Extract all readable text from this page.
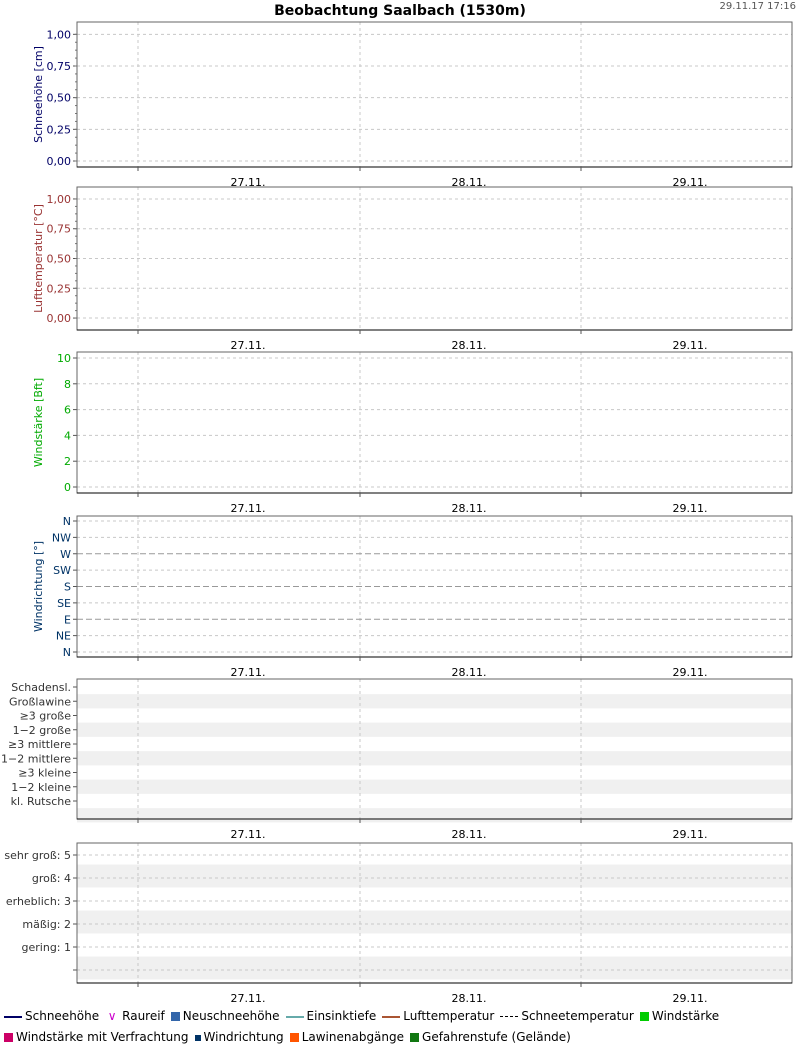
Beobachtung Saalbach (1530m)	29.11.17 17:16
0,00
0,25
0,50
0,75
1,00
27.11.	28.11.	29.11.
Schneehöhe [cm]
0,00
0,25
0,50
0,75
1,00
27.11.	28.11.	29.11.
Lufttemperatur [°C]
0
2
4
6
8
10
27.11.	28.11.	29.11.
Windstärke [Bft]
N
NE
E
SE
S
SW
W
NW
N
27.11.	28.11.	29.11.
Windrichtung [°]
kl. Rutsche
1−2 kleine
≥3 kleine
1−2 mittlere
≥3 mittlere
1−2 große
≥3 große
Großlawine
Schadensl.
27.11.	28.11.	29.11.
gering: 1
mäßig: 2
erheblich: 3
groß: 4
sehr groß: 5
27.11.	28.11.	29.11.
Schneehöhe ∨ Raureif Neuschneehöhe Einsinktiefe Lufttemperatur Schneetemperatur WindstärkeWindstärke mit Verfrachtung Windrichtung Lawinenabgänge Gefahrenstufe (Gelände)
